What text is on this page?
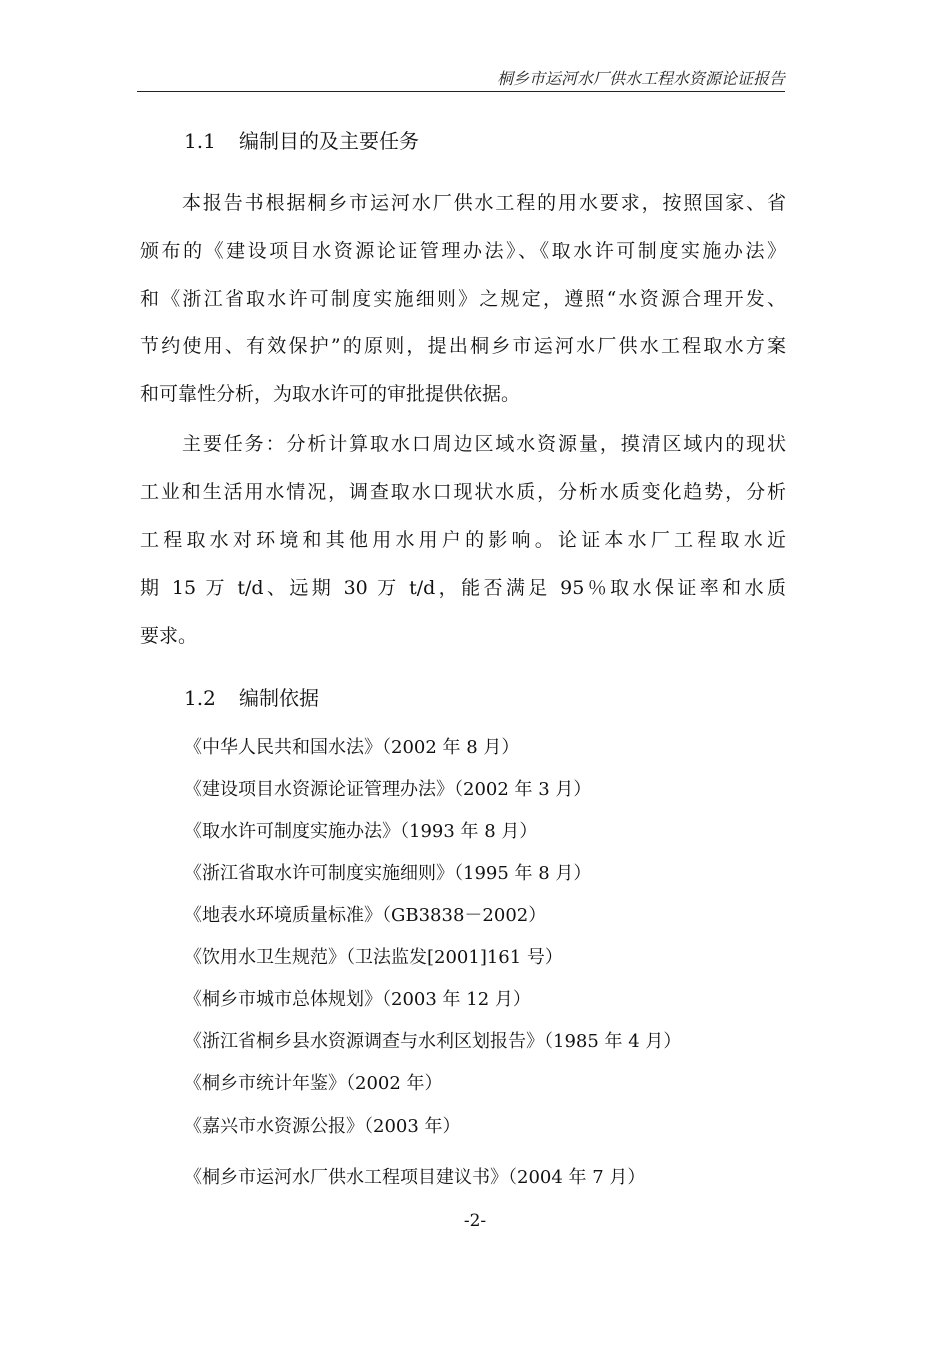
桐乡市运河水厂供水工程水资源论证报告
1.1 编制目的及主要任务
本报告书根据桐乡市运河水厂供水工程的用水要求，按照国家、省
颁布的《建设项目水资源论证管理办法》、《取水许可制度实施办法》
和《浙江省取水许可制度实施细则》之规定，遵照“水资源合理开发、
节约使用、有效保护”的原则，提出桐乡市运河水厂供水工程取水方案
和可靠性分析，为取水许可的审批提供依据。
主要任务：分析计算取水口周边区域水资源量，摸清区域内的现状
工业和生活用水情况，调查取水口现状水质，分析水质变化趋势，分析
工程取水对环境和其他用水用户的影响。论证本水厂工程取水近
期 15 万 t/d、远期 30 万 t/d，能否满足 95％取水保证率和水质
要求。
1.2 编制依据
《中华人民共和国水法》（2002 年 8 月）
《建设项目水资源论证管理办法》（2002 年 3 月）
《取水许可制度实施办法》（1993 年 8 月）
《浙江省取水许可制度实施细则》（1995 年 8 月）
《地表水环境质量标准》（GB3838－2002）
《饮用水卫生规范》（卫法监发[2001]161 号）
《桐乡市城市总体规划》（2003 年 12 月）
《浙江省桐乡县水资源调查与水利区划报告》（1985 年 4 月）
《桐乡市统计年鉴》（2002 年）
《嘉兴市水资源公报》（2003 年）
《桐乡市运河水厂供水工程项目建议书》（2004 年 7 月）
-2-
